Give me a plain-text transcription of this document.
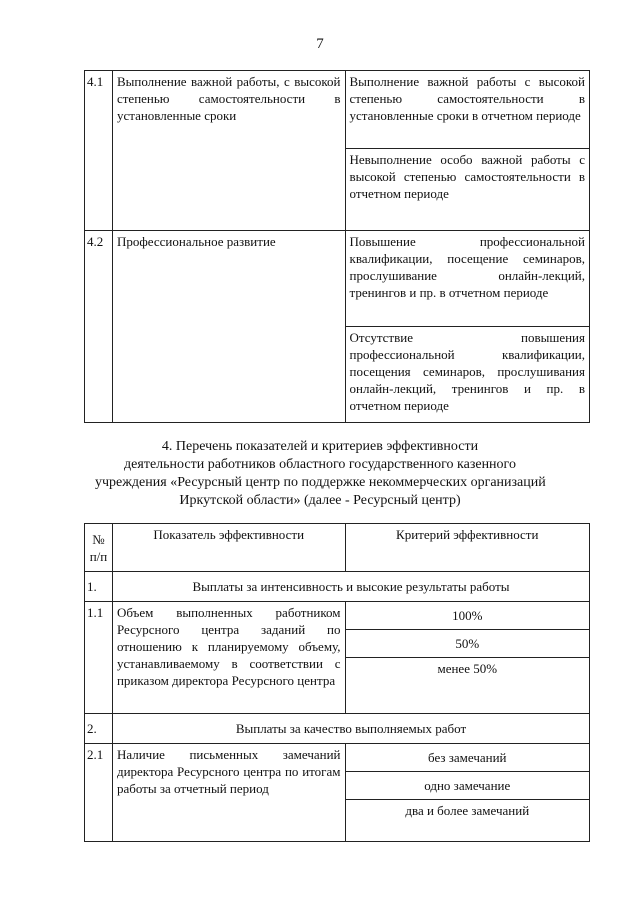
7
4.1	Выполнение важной работы, с высокой степенью самостоятельности в установленные сроки	Выполнение важной работы с высокой степенью самостоятельности в установленные сроки в отчетном периоде
		Невыполнение особо важной работы с высокой степенью самостоятельности в отчетном периоде
4.2	Профессиональное развитие	Повышение профессиональной квалификации, посещение семинаров, прослушивание онлайн-лекций, тренингов и пр. в отчетном периоде
		Отсутствие повышения профессиональной квалификации, посещения семинаров, прослушивания онлайн-лекций, тренингов и пр. в отчетном периоде
4. Перечень показателей и критериев эффективности
деятельности работников областного государственного казенного
учреждения «Ресурсный центр по поддержке некоммерческих организаций
Иркутской области» (далее - Ресурсный центр)
№ п/п	Показатель эффективности	Критерий эффективности
1.	Выплаты за интенсивность и высокие результаты работы	
1.1	Объем выполненных работником Ресурсного центра заданий по отношению к планируемому объему, устанавливаемому в соответствии с приказом директора Ресурсного центра	100%
		50%
		менее 50%
2.	Выплаты за качество выполняемых работ	
2.1	Наличие письменных замечаний директора Ресурсного центра по итогам работы за отчетный период	без замечаний
		одно замечание
		два и более замечаний
